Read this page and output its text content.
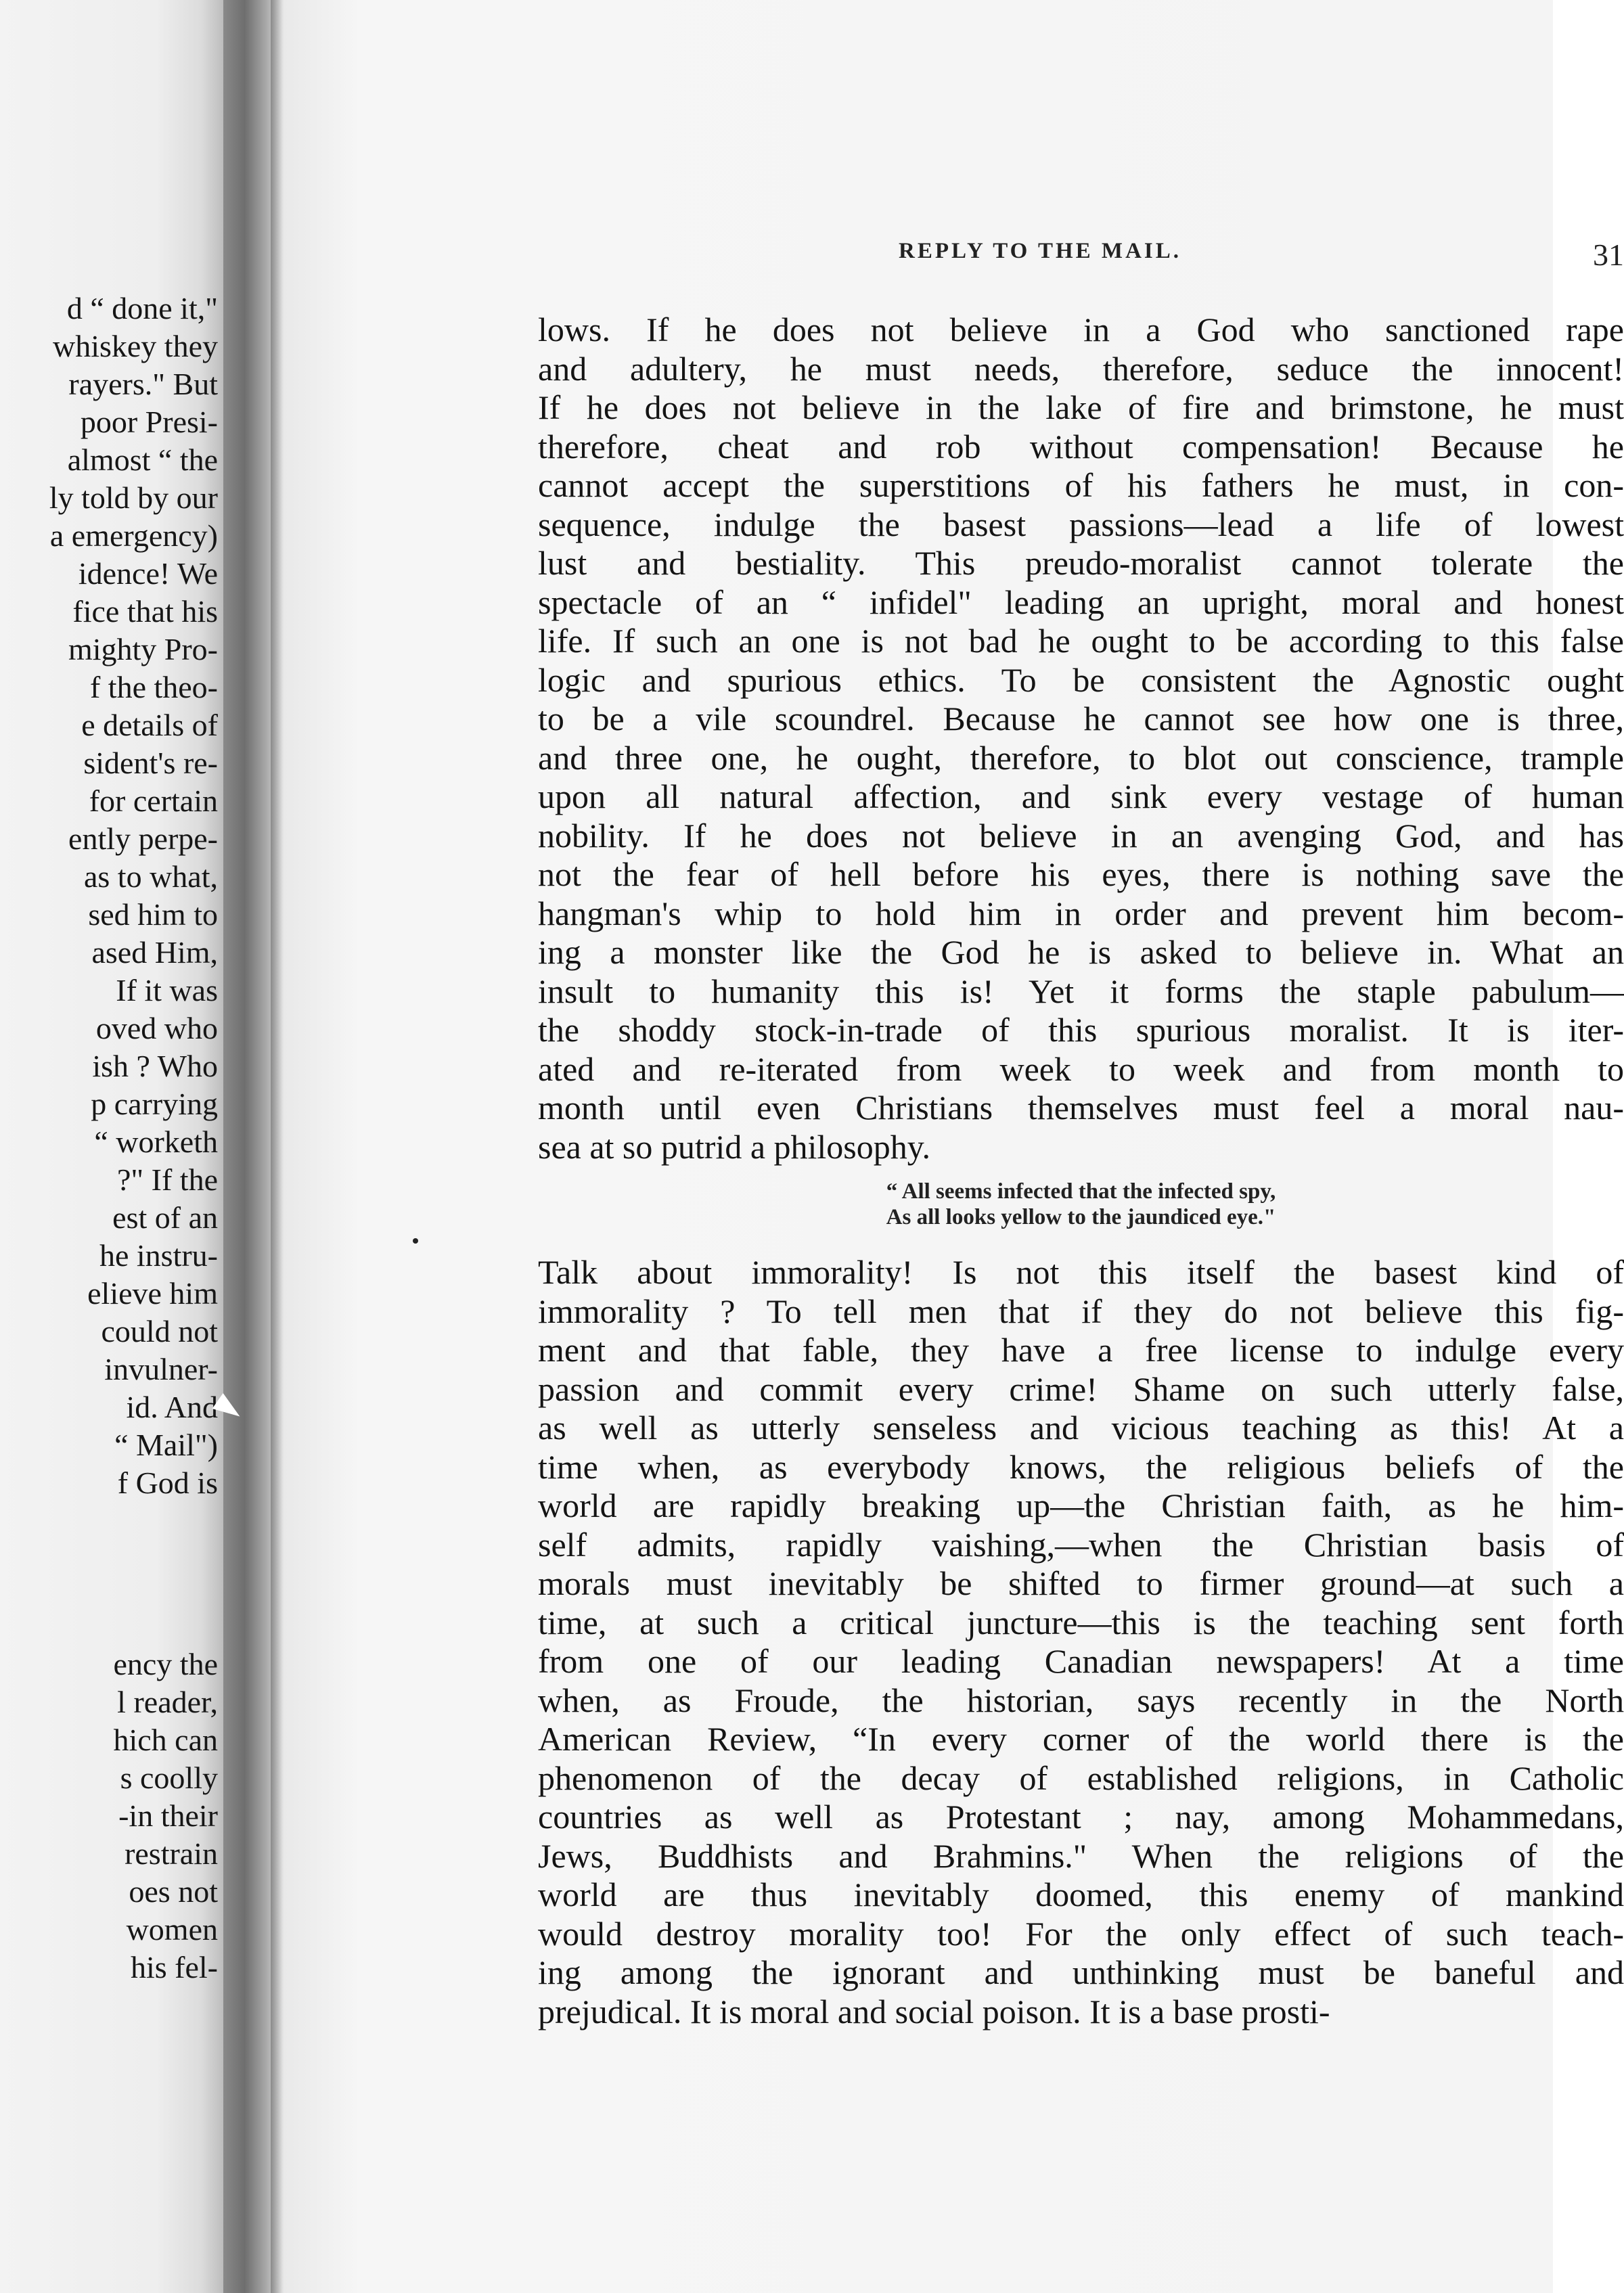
d “ done it,"
whiskey they
rayers." But
poor Presi-
almost “ the
ly told by our
a emergency)
idence! We
fice that his
mighty Pro-
f the theo-
e details of
sident's re-
for certain
ently perpe-
as to what,
sed him to
ased Him,
If it was
oved who
ish ? Who
p carrying
“ worketh
?" If the
est of an
he instru-
elieve him
could not
invulner-
id. And
“ Mail")
f God is
ency the
l reader,
hich can
s coolly
-in their
restrain
oes not
women
his fel-
REPLY TO THE MAIL.	31
lows. If he does not believe in a God who sanctioned rape
and adultery, he must needs, therefore, seduce the innocent!
If he does not believe in the lake of fire and brimstone, he must
therefore, cheat and rob without compensation! Because he
cannot accept the superstitions of his fathers he must, in con-
sequence, indulge the basest passions—lead a life of lowest
lust and bestiality. This preudo-moralist cannot tolerate the
spectacle of an “ infidel" leading an upright, moral and honest
life. If such an one is not bad he ought to be according to this false
logic and spurious ethics. To be consistent the Agnostic ought
to be a vile scoundrel. Because he cannot see how one is three,
and three one, he ought, therefore, to blot out conscience, trample
upon all natural affection, and sink every vestage of human
nobility. If he does not believe in an avenging God, and has
not the fear of hell before his eyes, there is nothing save the
hangman's whip to hold him in order and prevent him becom-
ing a monster like the God he is asked to believe in. What an
insult to humanity this is! Yet it forms the staple pabulum—
the shoddy stock-in-trade of this spurious moralist. It is iter-
ated and re-iterated from week to week and from month to
month until even Christians themselves must feel a moral nau-
sea at so putrid a philosophy.
“ All seems infected that the infected spy,
As all looks yellow to the jaundiced eye."
Talk about immorality! Is not this itself the basest kind of
immorality ? To tell men that if they do not believe this fig-
ment and that fable, they have a free license to indulge every
passion and commit every crime! Shame on such utterly false,
as well as utterly senseless and vicious teaching as this! At a
time when, as everybody knows, the religious beliefs of the
world are rapidly breaking up—the Christian faith, as he him-
self admits, rapidly vaishing,—when the Christian basis of
morals must inevitably be shifted to firmer ground—at such a
time, at such a critical juncture—this is the teaching sent forth
from one of our leading Canadian newspapers! At a time
when, as Froude, the historian, says recently in the North
American Review, “In every corner of the world there is the
phenomenon of the decay of established religions, in Catholic
countries as well as Protestant ; nay, among Mohammedans,
Jews, Buddhists and Brahmins." When the religions of the
world are thus inevitably doomed, this enemy of mankind
would destroy morality too! For the only effect of such teach-
ing among the ignorant and unthinking must be baneful and
prejudical. It is moral and social poison. It is a base prosti-
